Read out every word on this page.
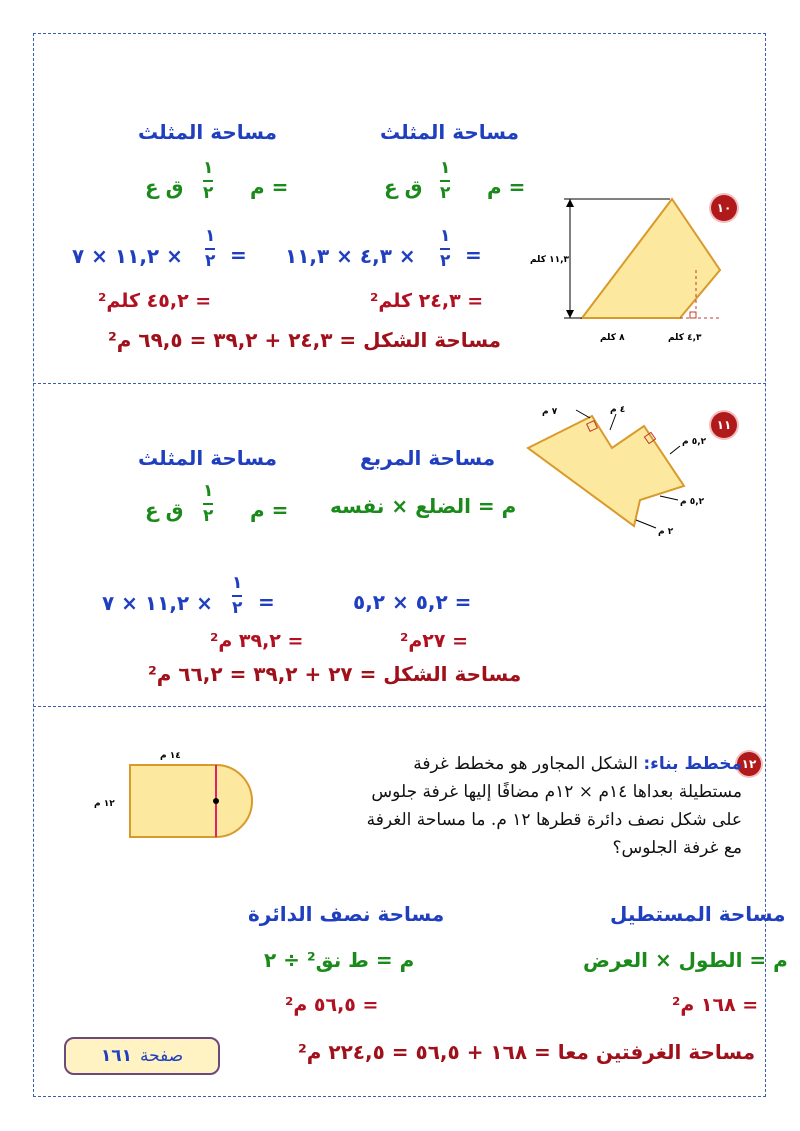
١١,٣ كلم
٨ كلم	٤,٣ كلم
١٠
مساحة المثلث
مساحة المثلث
م =
١
٢
ق ع
م =
١
٢
ق ع
=
١
٢
٤,٣ × ١١,٣ ×
=
١
٢
١١,٢ × ٧ ×
= ٢٤,٣ كلم²
= ٤٥,٢ كلم²
مساحة الشكل = ٢٤,٣ + ٣٩,٢ = ٦٩,٥ م²
٧ م	٤ م
٥,٢ م
٥,٢ م
٢ م
١١
مساحة المربع
مساحة المثلث
م = الضلع × نفسه
م =
١
٢
ق ع
٥,٢ × ٥,٢ =
=
١
٢
١١,٢ × ٧ ×
= ٢٧م²
= ٣٩,٢ م²
مساحة الشكل = ٢٧ + ٣٩,٢ = ٦٦,٢ م²
١٤ م
١٢ م
١٢
مخطط بناء: الشكل المجاور هو مخطط غرفة
مستطيلة بعداها ١٤م × ١٢م مضافًا إليها غرفة جلوس
على شكل نصف دائرة قطرها ١٢ م. ما مساحة الغرفة
مع غرفة الجلوس؟
مساحة المستطيل
مساحة نصف الدائرة
م = الطول × العرض
م = ط نق² ÷ ٢
= ١٦٨ م²
= ٥٦,٥ م²
مساحة الغرفتين معا = ١٦٨ + ٥٦,٥ = ٢٢٤,٥ م²
١٦١ صفحة
